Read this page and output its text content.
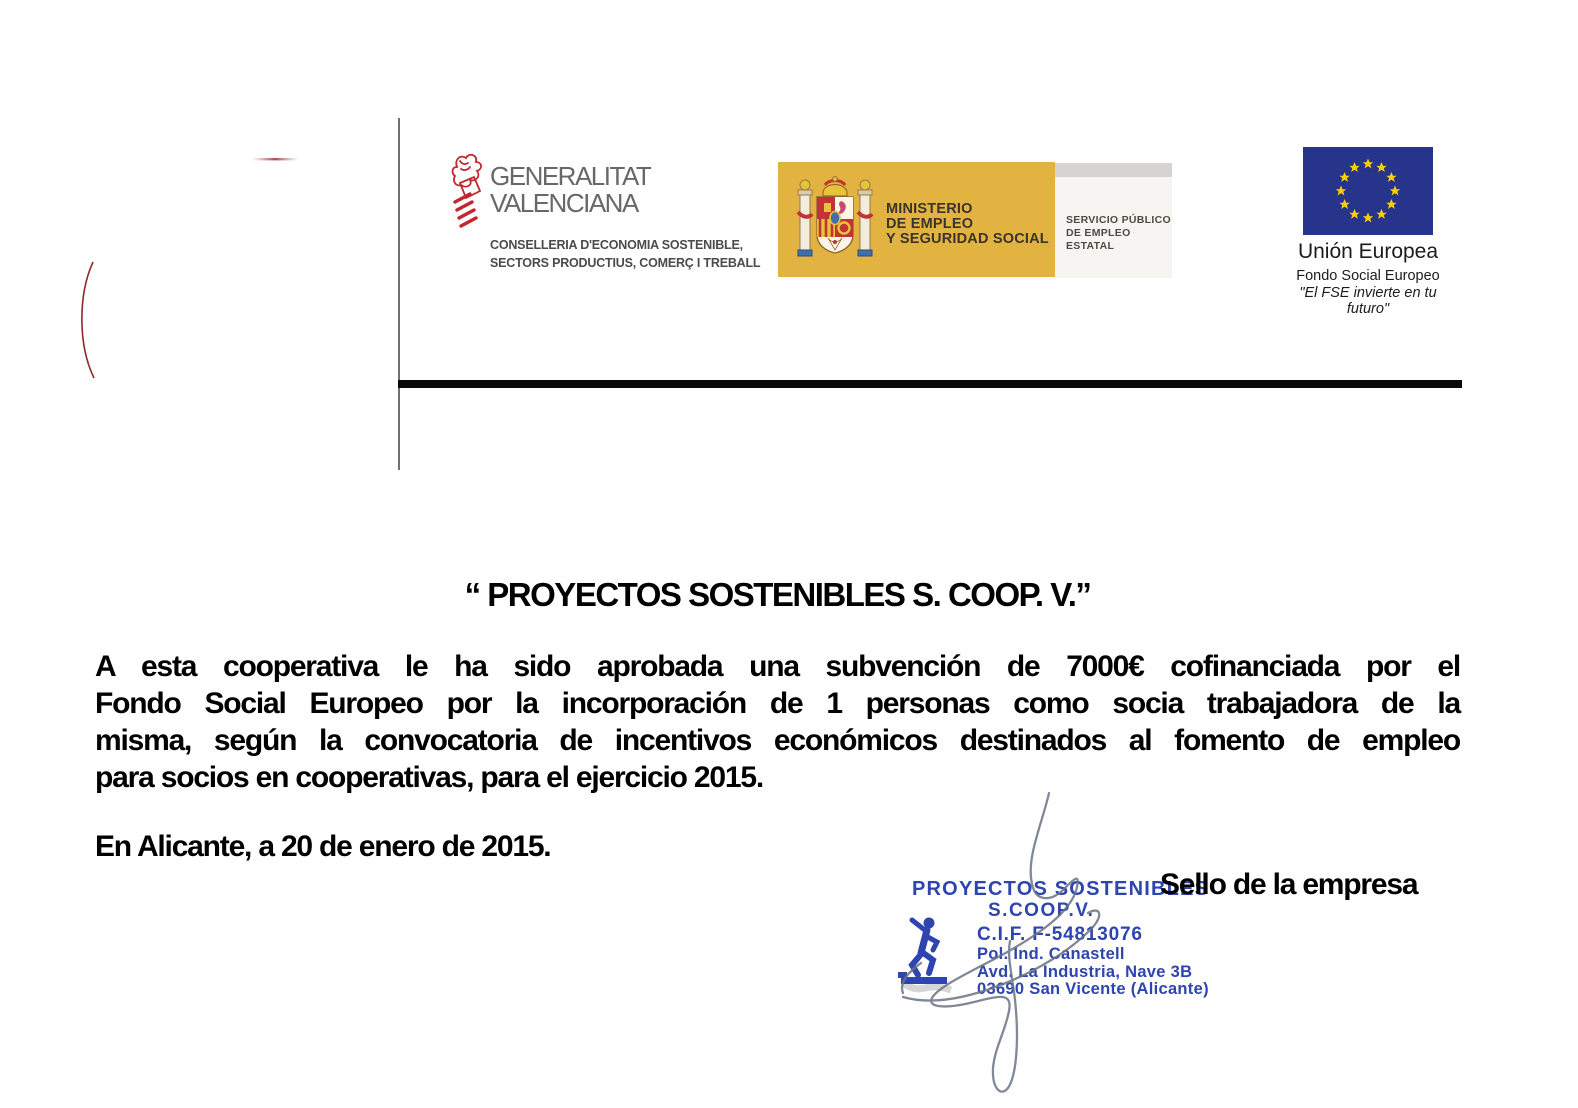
GENERALITAT
VALENCIANA
CONSELLERIA D'ECONOMIA SOSTENIBLE,
SECTORS PRODUCTIUS, COMERÇ I TREBALL
MINISTERIO
DE EMPLEO
Y SEGURIDAD SOCIAL
SERVICIO PÚBLICO
DE EMPLEO ESTATAL	Unión Europea
Fondo Social Europeo
"El FSE invierte en tu futuro"
“ PROYECTOS SOSTENIBLES S. COOP. V.”
A esta cooperativa le ha sido aprobada una subvención de 7000€ cofinanciada por el
Fondo Social Europeo por la incorporación de 1 personas como socia trabajadora de la
misma, según la convocatoria de incentivos económicos destinados al fomento de empleo
para socios en cooperativas, para el ejercicio 2015.
En Alicante, a 20 de enero de 2015.
Sello de la empresa
PROYECTOS SOSTENIBLES
S.COOP.V.
C.I.F. F-54813076
Pol. Ind. Canastell
Avd. La Industria, Nave 3B
03690 San Vicente (Alicante)
